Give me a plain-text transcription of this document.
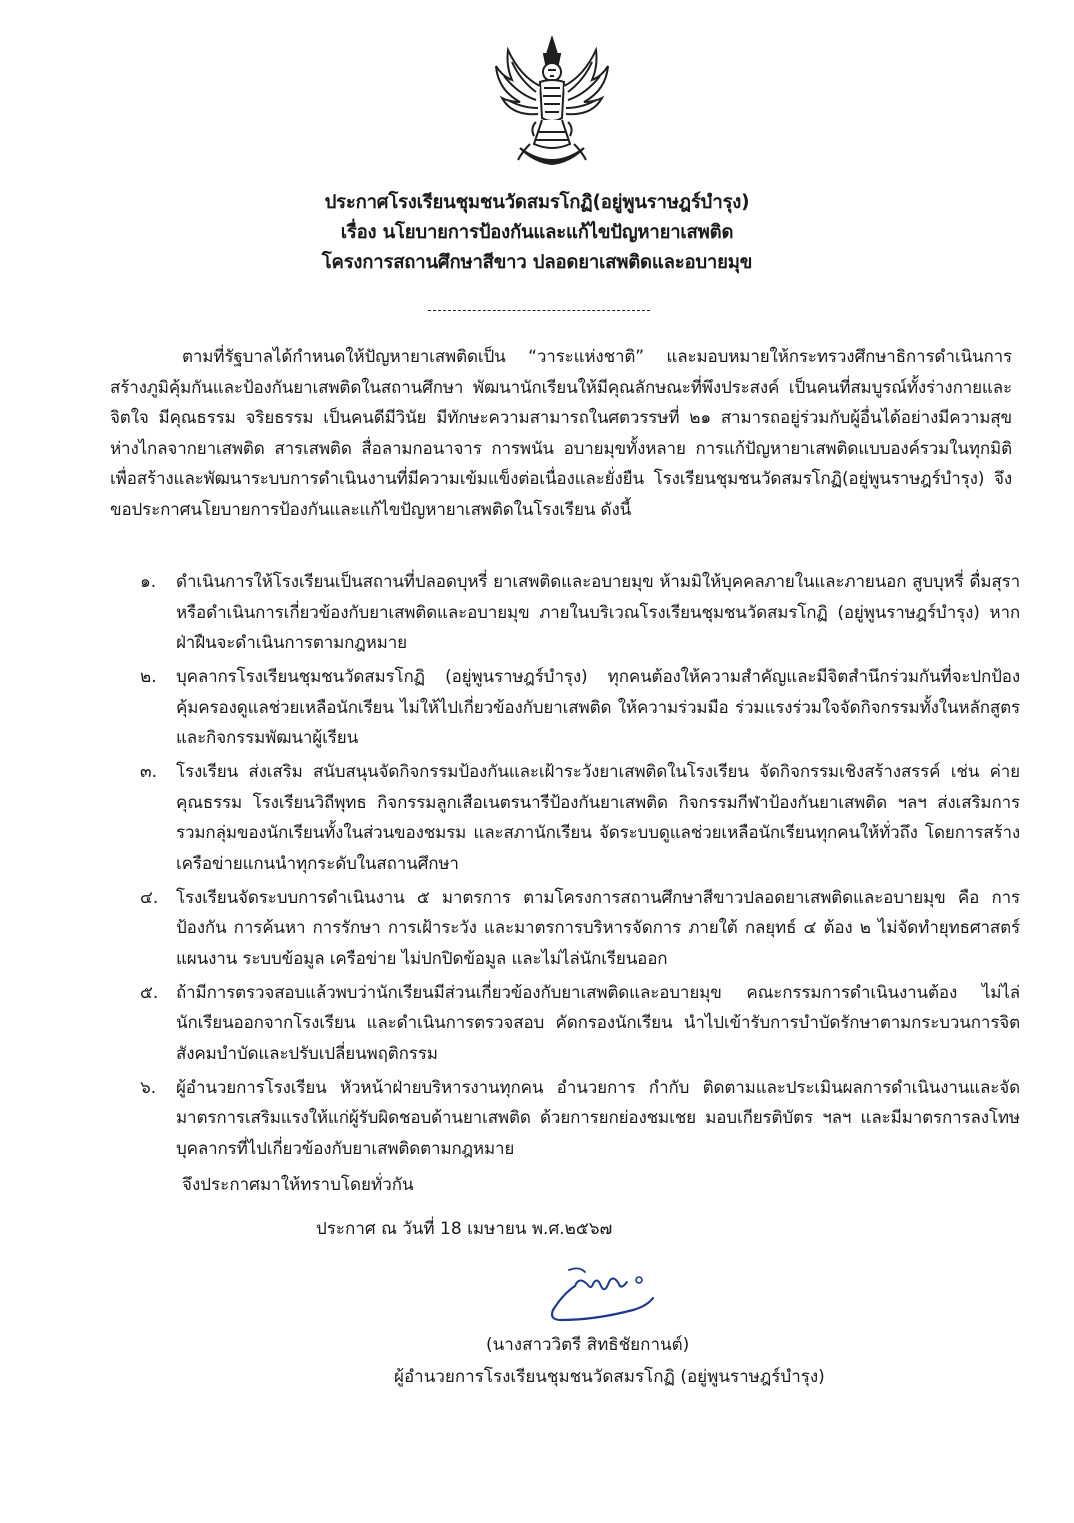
ประกาศโรงเรียนชุมชนวัดสมรโกฏิ(อยู่พูนราษฎร์บำรุง)
เรื่อง นโยบายการป้องกันและแก้ไขปัญหายาเสพติด
โครงการสถานศึกษาสีขาว ปลอดยาเสพติดและอบายมุข
ตามที่รัฐบาลได้กำหนดให้ปัญหายาเสพติดเป็น “วาระแห่งชาติ” และมอบหมายให้กระทรวงศึกษาธิการดำเนินการสร้างภูมิคุ้มกันและป้องกันยาเสพติดในสถานศึกษา พัฒนานักเรียนให้มีคุณลักษณะที่พึงประสงค์ เป็นคนที่สมบูรณ์ทั้งร่างกายและจิตใจ มีคุณธรรม จริยธรรม เป็นคนดีมีวินัย มีทักษะความสามารถในศตวรรษที่ ๒๑ สามารถอยู่ร่วมกับผู้อื่นได้อย่างมีความสุข ห่างไกลจากยาเสพติด สารเสพติด สื่อลามกอนาจาร การพนัน อบายมุขทั้งหลาย การแก้ปัญหายาเสพติดแบบองค์รวมในทุกมิติ เพื่อสร้างและพัฒนาระบบการดำเนินงานที่มีความเข้มแข็งต่อเนื่องและยั่งยืน โรงเรียนชุมชนวัดสมรโกฏิ(อยู่พูนราษฎร์บำรุง) จึงขอประกาศนโยบายการป้องกันและแก้ไขปัญหายาเสพติดในโรงเรียน ดังนี้
๑.	ดำเนินการให้โรงเรียนเป็นสถานที่ปลอดบุหรี่ ยาเสพติดและอบายมุข ห้ามมิให้บุคคลภายในและภายนอก สูบบุหรี่ ดื่มสุรา หรือดำเนินการเกี่ยวข้องกับยาเสพติดและอบายมุข ภายในบริเวณโรงเรียนชุมชนวัดสมรโกฏิ (อยู่พูนราษฎร์บำรุง) หากฝ่าฝืนจะดำเนินการตามกฎหมาย
๒.	บุคลากรโรงเรียนชุมชนวัดสมรโกฏิ (อยู่พูนราษฎร์บำรุง) ทุกคนต้องให้ความสำคัญและมีจิตสำนึกร่วมกันที่จะปกป้องคุ้มครองดูแลช่วยเหลือนักเรียน ไม่ให้ไปเกี่ยวข้องกับยาเสพติด ให้ความร่วมมือ ร่วมแรงร่วมใจจัดกิจกรรมทั้งในหลักสูตรและกิจกรรมพัฒนาผู้เรียน
๓.	โรงเรียน ส่งเสริม สนับสนุนจัดกิจกรรมป้องกันและเฝ้าระวังยาเสพติดในโรงเรียน จัดกิจกรรมเชิงสร้างสรรค์ เช่น ค่ายคุณธรรม โรงเรียนวิถีพุทธ กิจกรรมลูกเสือเนตรนารีป้องกันยาเสพติด กิจกรรมกีฬาป้องกันยาเสพติด ฯลฯ ส่งเสริมการรวมกลุ่มของนักเรียนทั้งในส่วนของชมรม และสภานักเรียน จัดระบบดูแลช่วยเหลือนักเรียนทุกคนให้ทั่วถึง โดยการสร้างเครือข่ายแกนนำทุกระดับในสถานศึกษา
๔.	โรงเรียนจัดระบบการดำเนินงาน ๕ มาตรการ ตามโครงการสถานศึกษาสีขาวปลอดยาเสพติดและอบายมุข คือ การป้องกัน การค้นหา การรักษา การเฝ้าระวัง และมาตรการบริหารจัดการ ภายใต้ กลยุทธ์ ๔ ต้อง ๒ ไม่จัดทำยุทธศาสตร์ แผนงาน ระบบข้อมูล เครือข่าย ไม่ปกปิดข้อมูล และไม่ไล่นักเรียนออก
๕.	ถ้ามีการตรวจสอบแล้วพบว่านักเรียนมีส่วนเกี่ยวข้องกับยาเสพติดและอบายมุข คณะกรรมการดำเนินงานต้อง ไม่ไล่นักเรียนออกจากโรงเรียน และดำเนินการตรวจสอบ คัดกรองนักเรียน นำไปเข้ารับการบำบัดรักษาตามกระบวนการจิตสังคมบำบัดและปรับเปลี่ยนพฤติกรรม
๖.	ผู้อำนวยการโรงเรียน หัวหน้าฝ่ายบริหารงานทุกคน อำนวยการ กำกับ ติดตามและประเมินผลการดำเนินงานและจัดมาตรการเสริมแรงให้แก่ผู้รับผิดชอบด้านยาเสพติด ด้วยการยกย่องชมเชย มอบเกียรติบัตร ฯลฯ และมีมาตรการลงโทษบุคลากรที่ไปเกี่ยวข้องกับยาเสพติดตามกฎหมาย
จึงประกาศมาให้ทราบโดยทั่วกัน
ประกาศ ณ วันที่ 18 เมษายน พ.ศ.๒๕๖๗
(นางสาววิตรี สิทธิชัยกานต์)
ผู้อำนวยการโรงเรียนชุมชนวัดสมรโกฏิ (อยู่พูนราษฎร์บำรุง)
